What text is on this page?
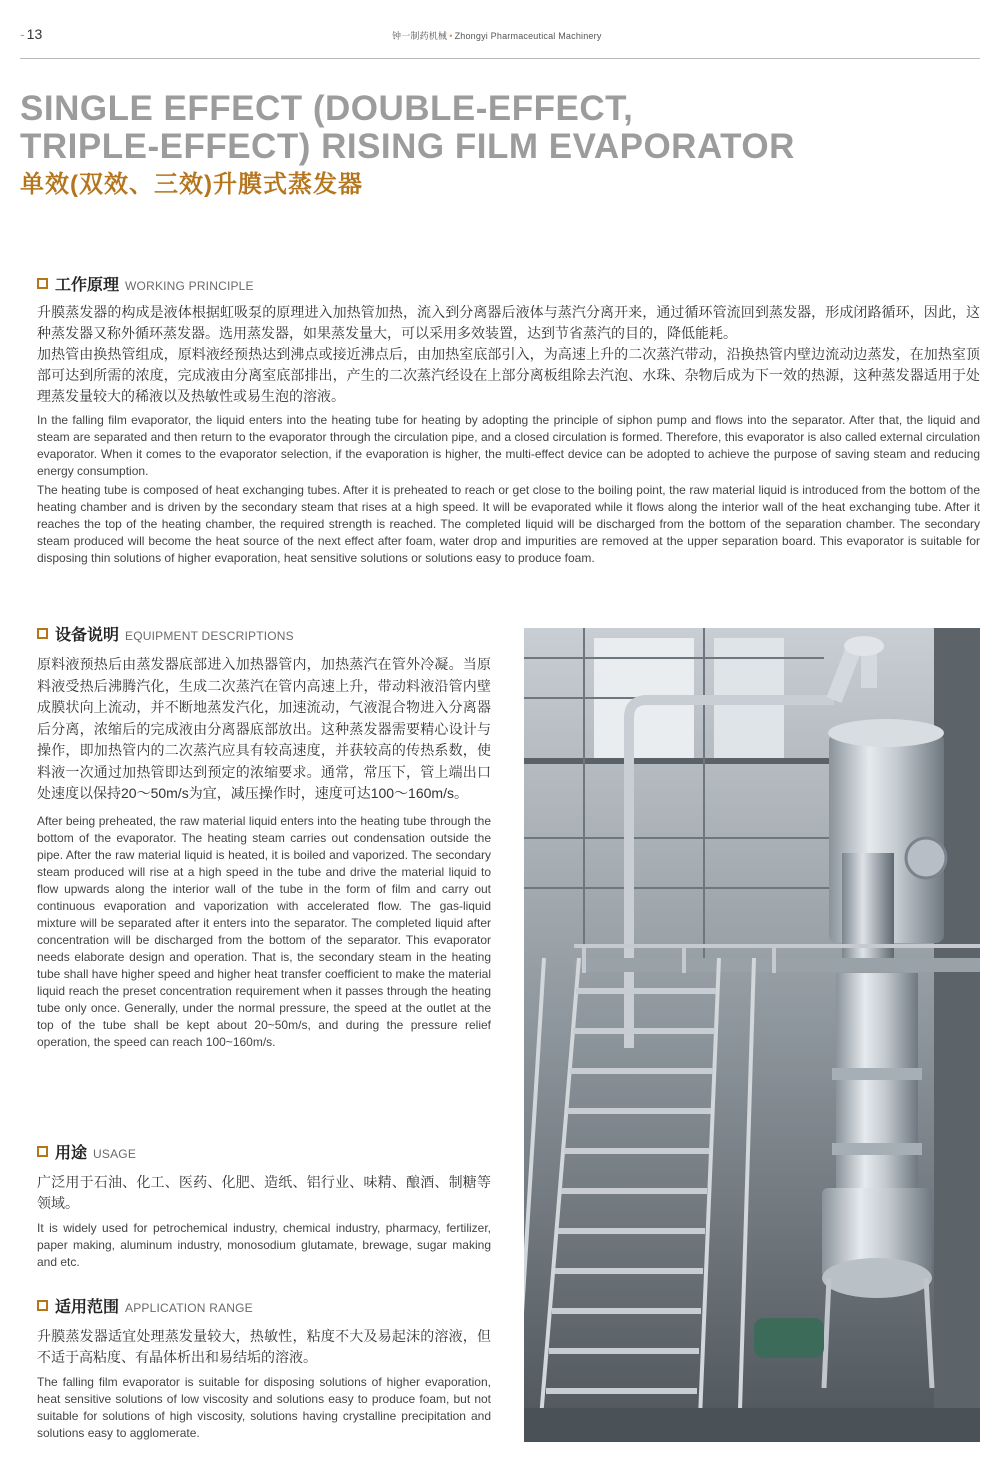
- 13	钟一制药机械 • Zhongyi Pharmaceutical Machinery
SINGLE EFFECT (DOUBLE-EFFECT,
TRIPLE-EFFECT) RISING FILM EVAPORATOR
单效(双效、三效)升膜式蒸发器
工作原理 WORKING PRINCIPLE

升膜蒸发器的构成是液体根据虹吸泵的原理进入加热管加热，流入到分离器后液体与蒸汽分离开来，通过循环管流回到蒸发器，形成闭路循环，因此，这种蒸发器又称外循环蒸发器。选用蒸发器，如果蒸发量大，可以采用多效装置，达到节省蒸汽的目的，降低能耗。

加热管由换热管组成，原料液经预热达到沸点或接近沸点后，由加热室底部引入，为高速上升的二次蒸汽带动，沿换热管内壁边流动边蒸发，在加热室顶部可达到所需的浓度，完成液由分离室底部排出，产生的二次蒸汽经设在上部分离板组除去汽泡、水珠、杂物后成为下一效的热源，这种蒸发器适用于处理蒸发量较大的稀液以及热敏性或易生泡的溶液。

In the falling film evaporator, the liquid enters into the heating tube for heating by adopting the principle of siphon pump and flows into the separator. After that, the liquid and steam are separated and then return to the evaporator through the circulation pipe, and a closed circulation is formed. Therefore, this evaporator is also called external circulation evaporator. When it comes to the evaporator selection, if the evaporation is higher, the multi-effect device can be adopted to achieve the purpose of saving steam and reducing energy consumption.

The heating tube is composed of heat exchanging tubes. After it is preheated to reach or get close to the boiling point, the raw material liquid is introduced from the bottom of the heating chamber and is driven by the secondary steam that rises at a high speed. It will be evaporated while it flows along the interior wall of the heat exchanging tube. After it reaches the top of the heating chamber, the required strength is reached. The completed liquid will be discharged from the bottom of the separation chamber. The secondary steam produced will become the heat source of the next effect after foam, water drop and impurities are removed at the upper separation board. This evaporator is suitable for disposing thin solutions of higher evaporation, heat sensitive solutions or solutions easy to produce foam.

设备说明 EQUIPMENT DESCRIPTIONS

原料液预热后由蒸发器底部进入加热器管内，加热蒸汽在管外冷凝。当原料液受热后沸腾汽化，生成二次蒸汽在管内高速上升，带动料液沿管内壁成膜状向上流动，并不断地蒸发汽化，加速流动，气液混合物进入分离器后分离，浓缩后的完成液由分离器底部放出。这种蒸发器需要精心设计与操作，即加热管内的二次蒸汽应具有较高速度，并获较高的传热系数，使料液一次通过加热管即达到预定的浓缩要求。通常，常压下，管上端出口处速度以保持20～50m/s为宜，减压操作时，速度可达100～160m/s。

After being preheated, the raw material liquid enters into the heating tube through the bottom of the evaporator. The heating steam carries out condensation outside the pipe. After the raw material liquid is heated, it is boiled and vaporized. The secondary steam produced will rise at a high speed in the tube and drive the material liquid to flow upwards along the interior wall of the tube in the form of film and carry out continuous evaporation and vaporization with accelerated flow. The gas-liquid mixture will be separated after it enters into the separator. The completed liquid after concentration will be discharged from the bottom of the separator. This evaporator needs elaborate design and operation. That is, the secondary steam in the heating tube shall have higher speed and higher heat transfer coefficient to make the material liquid reach the preset concentration requirement when it passes through the heating tube only once. Generally, under the normal pressure, the speed at the outlet at the top of the tube shall be kept about 20~50m/s, and during the pressure relief operation, the speed can reach 100~160m/s.

用途 USAGE

广泛用于石油、化工、医药、化肥、造纸、铝行业、味精、酿酒、制糖等领域。

It is widely used for petrochemical industry, chemical industry, pharmacy, fertilizer, paper making, aluminum industry, monosodium glutamate, brewage, sugar making and etc.

适用范围 APPLICATION RANGE

升膜蒸发器适宜处理蒸发量较大，热敏性，粘度不大及易起沫的溶液，但不适于高粘度、有晶体析出和易结垢的溶液。

The falling film evaporator is suitable for disposing solutions of higher evaporation, heat sensitive solutions of low viscosity and solutions easy to produce foam, but not suitable for solutions of high viscosity, solutions having crystalline precipitation and solutions easy to agglomerate.
